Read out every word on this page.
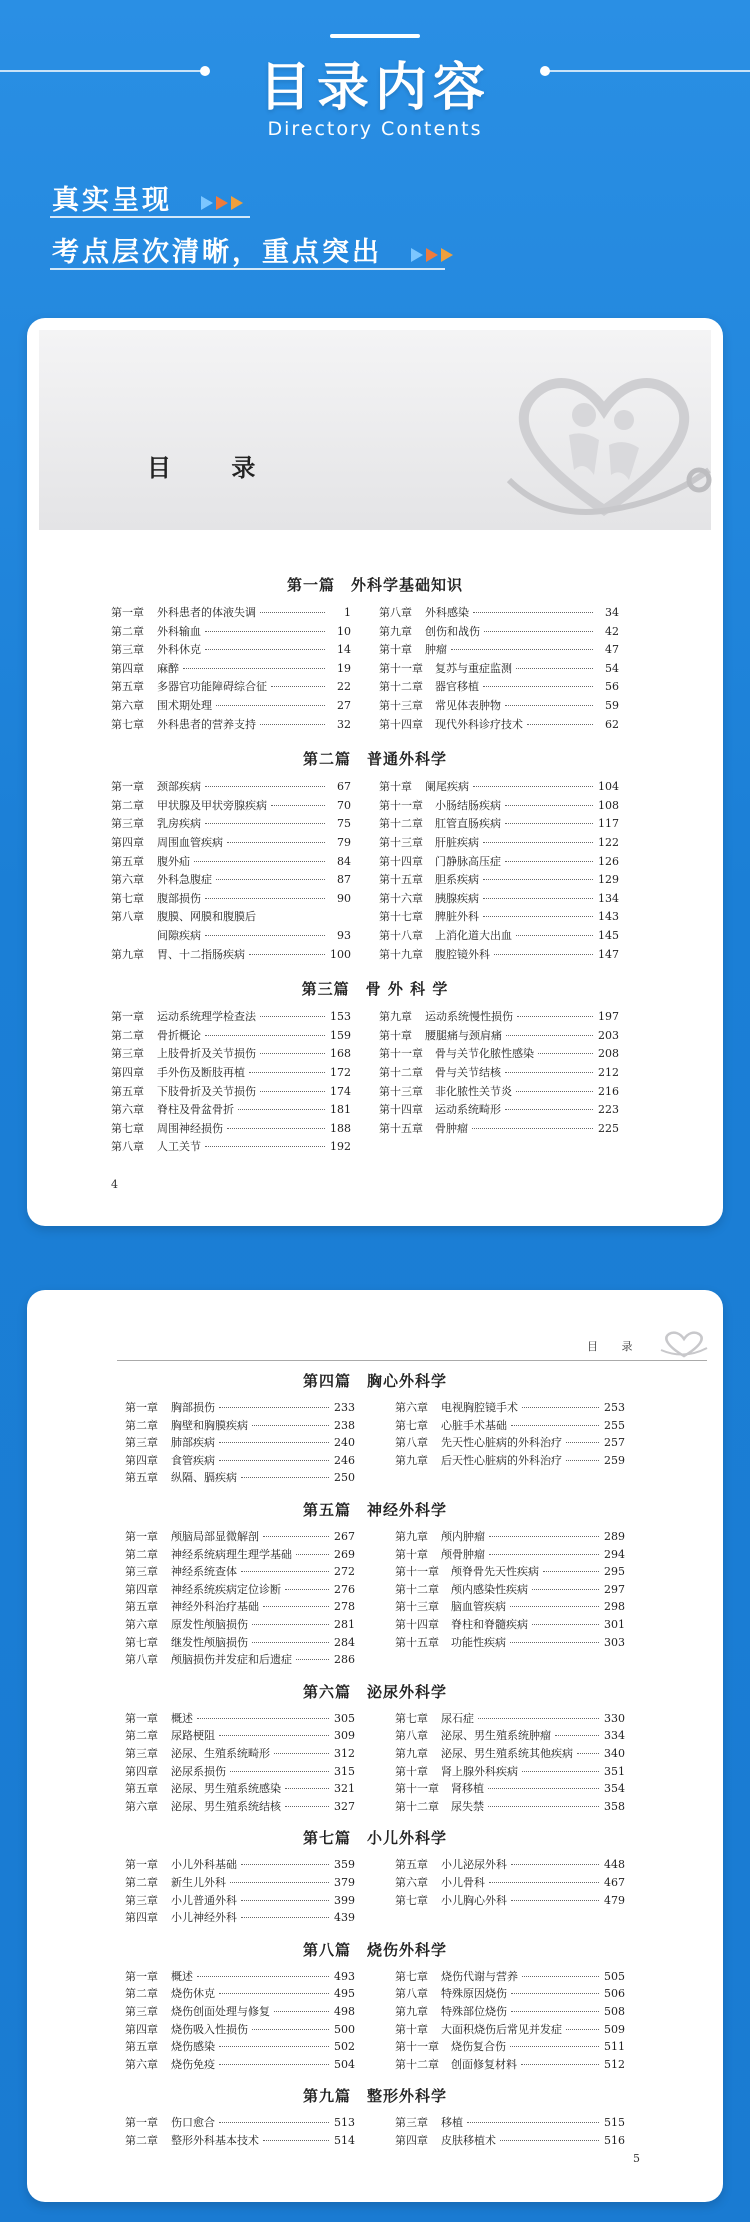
目录内容
Directory Contents
真实呈现
考点层次清晰，重点突出
目 录
第一篇　外科学基础知识
第一章	外科患者的体液失调	1
第二章	外科输血	10
第三章	外科休克	14
第四章	麻醉	19
第五章	多器官功能障碍综合征	22
第六章	围术期处理	27
第七章	外科患者的营养支持	32
第八章	外科感染	34
第九章	创伤和战伤	42
第十章	肿瘤	47
第十一章	复苏与重症监测	54
第十二章	器官移植	56
第十三章	常见体表肿物	59
第十四章	现代外科诊疗技术	62
第二篇　普通外科学
第一章	颈部疾病	67
第二章	甲状腺及甲状旁腺疾病	70
第三章	乳房疾病	75
第四章	周围血管疾病	79
第五章	腹外疝	84
第六章	外科急腹症	87
第七章	腹部损伤	90
第八章	腹膜、网膜和腹膜后
间隙疾病	93
第九章	胃、十二指肠疾病	100
第十章	阑尾疾病	104
第十一章	小肠结肠疾病	108
第十二章	肛管直肠疾病	117
第十三章	肝脏疾病	122
第十四章	门静脉高压症	126
第十五章	胆系疾病	129
第十六章	胰腺疾病	134
第十七章	脾脏外科	143
第十八章	上消化道大出血	145
第十九章	腹腔镜外科	147
第三篇　骨 外 科 学
第一章	运动系统理学检查法	153
第二章	骨折概论	159
第三章	上肢骨折及关节损伤	168
第四章	手外伤及断肢再植	172
第五章	下肢骨折及关节损伤	174
第六章	脊柱及骨盆骨折	181
第七章	周围神经损伤	188
第八章	人工关节	192
第九章	运动系统慢性损伤	197
第十章	腰腿痛与颈肩痛	203
第十一章	骨与关节化脓性感染	208
第十二章	骨与关节结核	212
第十三章	非化脓性关节炎	216
第十四章	运动系统畸形	223
第十五章	骨肿瘤	225
4
目 录
第四篇　胸心外科学
第一章	胸部损伤	233
第二章	胸壁和胸膜疾病	238
第三章	肺部疾病	240
第四章	食管疾病	246
第五章	纵隔、膈疾病	250
第六章	电视胸腔镜手术	253
第七章	心脏手术基础	255
第八章	先天性心脏病的外科治疗	257
第九章	后天性心脏病的外科治疗	259
第五篇　神经外科学
第一章	颅脑局部显微解剖	267
第二章	神经系统病理生理学基础	269
第三章	神经系统查体	272
第四章	神经系统疾病定位诊断	276
第五章	神经外科治疗基础	278
第六章	原发性颅脑损伤	281
第七章	继发性颅脑损伤	284
第八章	颅脑损伤并发症和后遗症	286
第九章	颅内肿瘤	289
第十章	颅骨肿瘤	294
第十一章	颅脊骨先天性疾病	295
第十二章	颅内感染性疾病	297
第十三章	脑血管疾病	298
第十四章	脊柱和脊髓疾病	301
第十五章	功能性疾病	303
第六篇　泌尿外科学
第一章	概述	305
第二章	尿路梗阻	309
第三章	泌尿、生殖系统畸形	312
第四章	泌尿系损伤	315
第五章	泌尿、男生殖系统感染	321
第六章	泌尿、男生殖系统结核	327
第七章	尿石症	330
第八章	泌尿、男生殖系统肿瘤	334
第九章	泌尿、男生殖系统其他疾病	340
第十章	肾上腺外科疾病	351
第十一章	肾移植	354
第十二章	尿失禁	358
第七篇　小儿外科学
第一章	小儿外科基础	359
第二章	新生儿外科	379
第三章	小儿普通外科	399
第四章	小儿神经外科	439
第五章	小儿泌尿外科	448
第六章	小儿骨科	467
第七章	小儿胸心外科	479
第八篇　烧伤外科学
第一章	概述	493
第二章	烧伤休克	495
第三章	烧伤创面处理与修复	498
第四章	烧伤吸入性损伤	500
第五章	烧伤感染	502
第六章	烧伤免疫	504
第七章	烧伤代谢与营养	505
第八章	特殊原因烧伤	506
第九章	特殊部位烧伤	508
第十章	大面积烧伤后常见并发症	509
第十一章	烧伤复合伤	511
第十二章	创面修复材料	512
第九篇　整形外科学
第一章	伤口愈合	513
第二章	整形外科基本技术	514
第三章	移植	515
第四章	皮肤移植术	516
5
